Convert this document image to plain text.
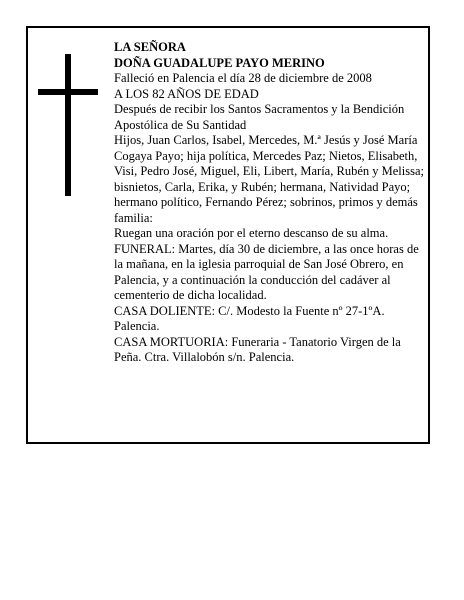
LA SEÑORA

DOÑA GUADALUPE PAYO MERINO

Falleció en Palencia el día 28 de diciembre de 2008

A LOS 82 AÑOS DE EDAD

Después de recibir los Santos Sacramentos y la Bendición Apostólica de Su Santidad

Hijos, Juan Carlos, Isabel, Mercedes, M.ª Jesús y José María Cogaya Payo; hija política, Mercedes Paz; Nietos, Elisabeth, Visi, Pedro José, Miguel, Eli, Libert, María, Rubén y Melissa; bisnietos, Carla, Erika, y Rubén; hermana, Natividad Payo; hermano político, Fernando Pérez; sobrinos, primos y demás familia:

Ruegan una oración por el eterno descanso de su alma.

FUNERAL: Martes, día 30 de diciembre, a las once horas de la mañana, en la iglesia parroquial de San José Obrero, en Palencia, y a continuación la conducción del cadáver al cementerio de dicha localidad.

CASA DOLIENTE: C/. Modesto la Fuente nº 27-1ºA. Palencia.

CASA MORTUORIA: Funeraria - Tanatorio Virgen de la Peña. Ctra. Villalobón s/n. Palencia.
